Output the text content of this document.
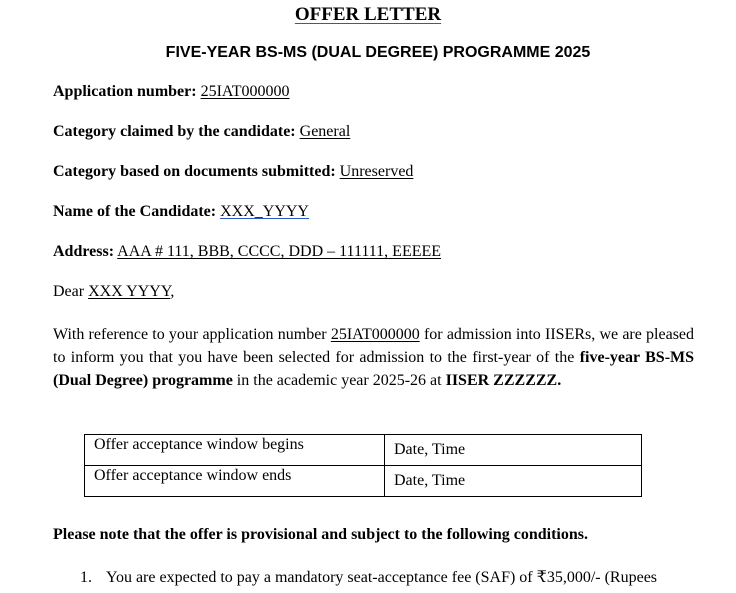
OFFER LETTER
FIVE-YEAR BS-MS (DUAL DEGREE) PROGRAMME 2025
Application number: 25IAT000000
Category claimed by the candidate: General
Category based on documents submitted: Unreserved
Name of the Candidate: XXX_YYYY
Address: AAA # 111, BBB, CCCC, DDD – 111111, EEEEE
Dear XXX YYYY,
With reference to your application number 25IAT000000 for admission into IISERs, we are pleased to inform you that you have been selected for admission to the first-year of the five-year BS-MS (Dual Degree) programme in the academic year 2025-26 at IISER ZZZZZZ.
Offer acceptance window begins	Date, Time
Offer acceptance window ends	Date, Time
Please note that the offer is provisional and subject to the following conditions.
1. You are expected to pay a mandatory seat-acceptance fee (SAF) of ₹35,000/- (Rupees
